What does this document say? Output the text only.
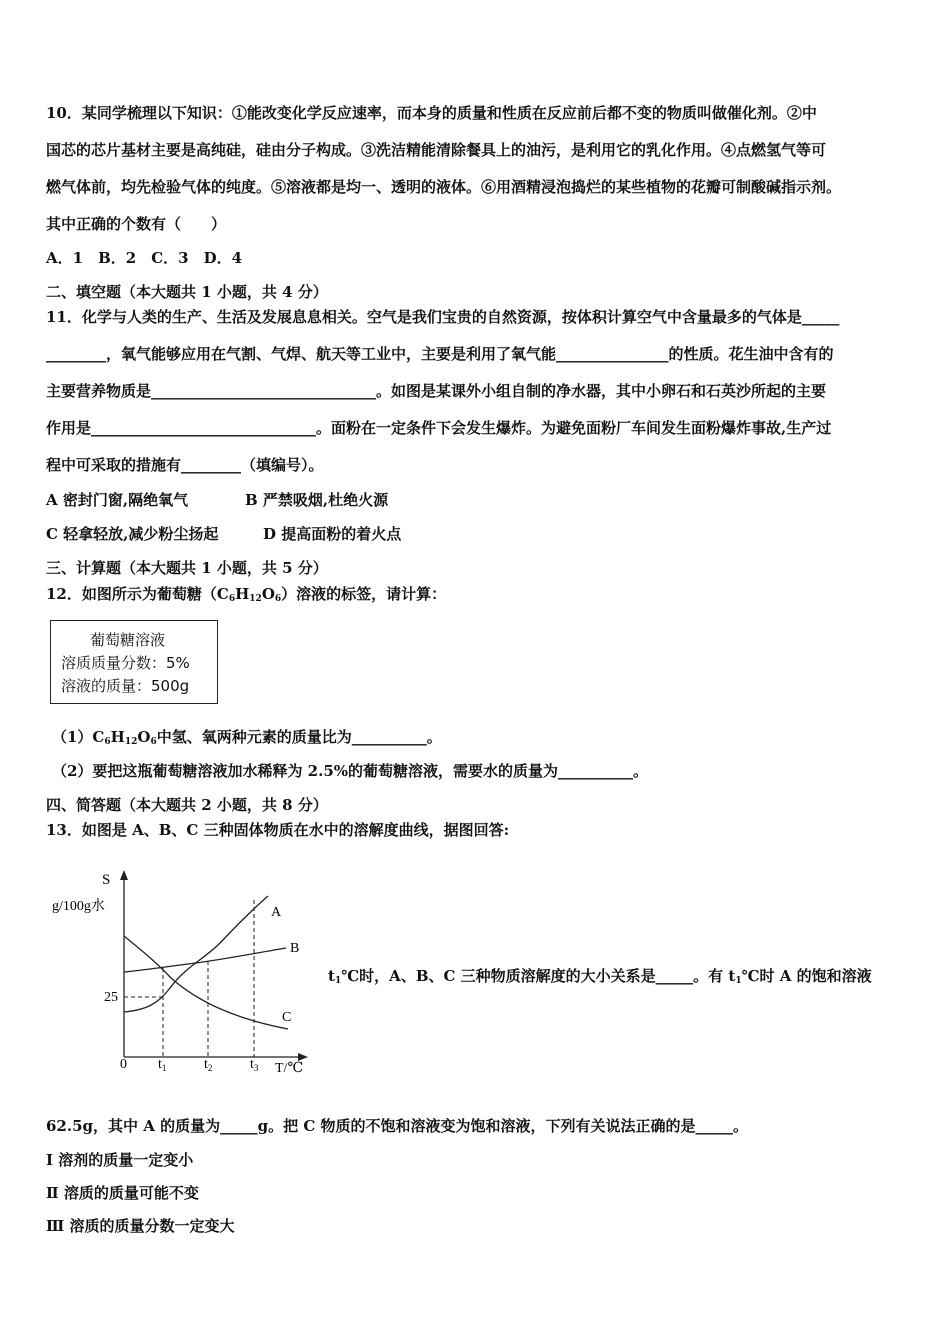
10．某同学梳理以下知识：①能改变化学反应速率，而本身的质量和性质在反应前后都不变的物质叫做催化剂。②中
国芯的芯片基材主要是高纯硅，硅由分子构成。③洗洁精能清除餐具上的油污，是利用它的乳化作用。④点燃氢气等可
燃气体前，均先检验气体的纯度。⑤溶液都是均一、透明的液体。⑥用酒精浸泡捣烂的某些植物的花瓣可制酸碱指示剂。
其中正确的个数有（　　）
A．1　B．2　C．3　D．4
二、填空题（本大题共 1 小题，共 4 分）
11．化学与人类的生产、生活及发展息息相关。空气是我们宝贵的自然资源，按体积计算空气中含量最多的气体是_____
________，氧气能够应用在气割、气焊、航天等工业中，主要是利用了氧气能_______________的性质。花生油中含有的
主要营养物质是______________________________。如图是某课外小组自制的净水器，其中小卵石和石英沙所起的主要
作用是______________________________。面粉在一定条件下会发生爆炸。为避免面粉厂车间发生面粉爆炸事故,生产过
程中可采取的措施有________（填编号）。
A 密封门窗,隔绝氧气	B 严禁吸烟,杜绝火源
C 轻拿轻放,减少粉尘扬起	D 提高面粉的着火点
三、计算题（本大题共 1 小题，共 5 分）
12．如图所示为葡萄糖$(C_6H_{12}O_6)$溶液的标签，请计算：
葡萄糖溶液
溶质质量分数：5%
溶液的质量：500g
$(1)C_6H_{12}O_6$中氢、氧两种元素的质量比为__________。
（2）要把这瓶葡萄糖溶液加水稀释为 2.5%的葡萄糖溶液，需要水的质量为__________。
四、简答题（本大题共 2 小题，共 8 分）
13．如图是 A、B、C 三种固体物质在水中的溶解度曲线，据图回答:
S
g/100g水
25
0	T/℃
$t_1$	$t_2$	$t_3$
A
B
C
$t_1℃$时，A、B、C 三种物质溶解度的大小关系是_____。有 $t_1℃$时 A 的饱和溶液
62.5g，其中 A 的质量为_____g。把 C 物质的不饱和溶液变为饱和溶液，下列有关说法正确的是_____。
Ⅰ 溶剂的质量一定变小
Ⅱ 溶质的质量可能不变
Ⅲ 溶质的质量分数一定变大
